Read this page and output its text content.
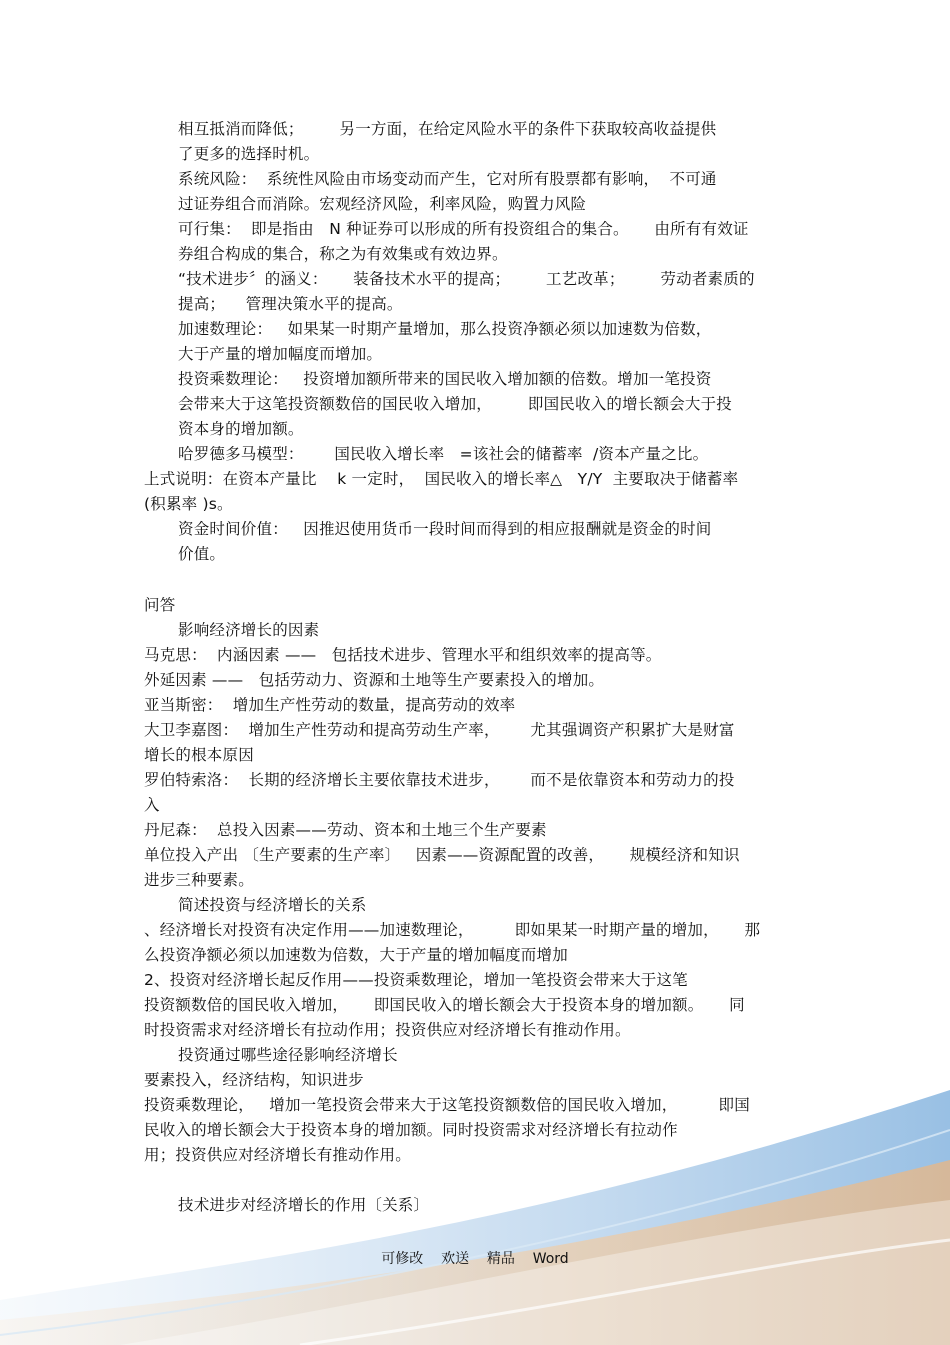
相互抵消而降低；       另一方面，在给定风险水平的条件下获取较高收益提供
了更多的选择时机。
系统风险：  系统性风险由市场变动而产生，它对所有股票都有影响，  不可通
过证券组合而消除。宏观经济风险，利率风险，购置力风险
可行集：  即是指由   N 种证券可以形成的所有投资组合的集合。     由所有有效证
券组合构成的集合，称之为有效集或有效边界。
“技术进步〞的涵义：     装备技术水平的提高；       工艺改革；       劳动者素质的
提高；    管理决策水平的提高。
加速数理论：   如果某一时期产量增加，那么投资净额必须以加速数为倍数，
大于产量的增加幅度而增加。
投资乘数理论：   投资增加额所带来的国民收入增加额的倍数。增加一笔投资
会带来大于这笔投资额数倍的国民收入增加，       即国民收入的增长额会大于投
资本身的增加额。
哈罗德多马模型：      国民收入增长率   =该社会的储蓄率  /资本产量之比。
上式说明：在资本产量比    k 一定时，  国民收入的增长率△   Y/Y  主要取决于储蓄率
(积累率 )s。
资金时间价值：   因推迟使用货币一段时间而得到的相应报酬就是资金的时间
价值。
问答
影响经济增长的因素
马克思：  内涵因素 ——   包括技术进步、管理水平和组织效率的提高等。
外延因素 ——   包括劳动力、资源和土地等生产要素投入的增加。
亚当斯密：  增加生产性劳动的数量，提高劳动的效率
大卫李嘉图：  增加生产性劳动和提高劳动生产率，      尤其强调资产积累扩大是财富
增长的根本原因
罗伯特索洛：  长期的经济增长主要依靠技术进步，      而不是依靠资本和劳动力的投
入
丹尼森：  总投入因素——劳动、资本和土地三个生产要素
单位投入产出 〔生产要素的生产率〕   因素——资源配置的改善，     规模经济和知识
进步三种要素。
简述投资与经济增长的关系
、经济增长对投资有决定作用——加速数理论，        即如果某一时期产量的增加，     那
么投资净额必须以加速数为倍数，大于产量的增加幅度而增加
2、投资对经济增长起反作用——投资乘数理论，增加一笔投资会带来大于这笔
投资额数倍的国民收入增加，     即国民收入的增长额会大于投资本身的增加额。     同
时投资需求对经济增长有拉动作用；投资供应对经济增长有推动作用。
投资通过哪些途径影响经济增长
要素投入，经济结构，知识进步
投资乘数理论，   增加一笔投资会带来大于这笔投资额数倍的国民收入增加，        即国
民收入的增长额会大于投资本身的增加额。同时投资需求对经济增长有拉动作
用；投资供应对经济增长有推动作用。
技术进步对经济增长的作用〔关系〕
可修改    欢送    精品    Word
